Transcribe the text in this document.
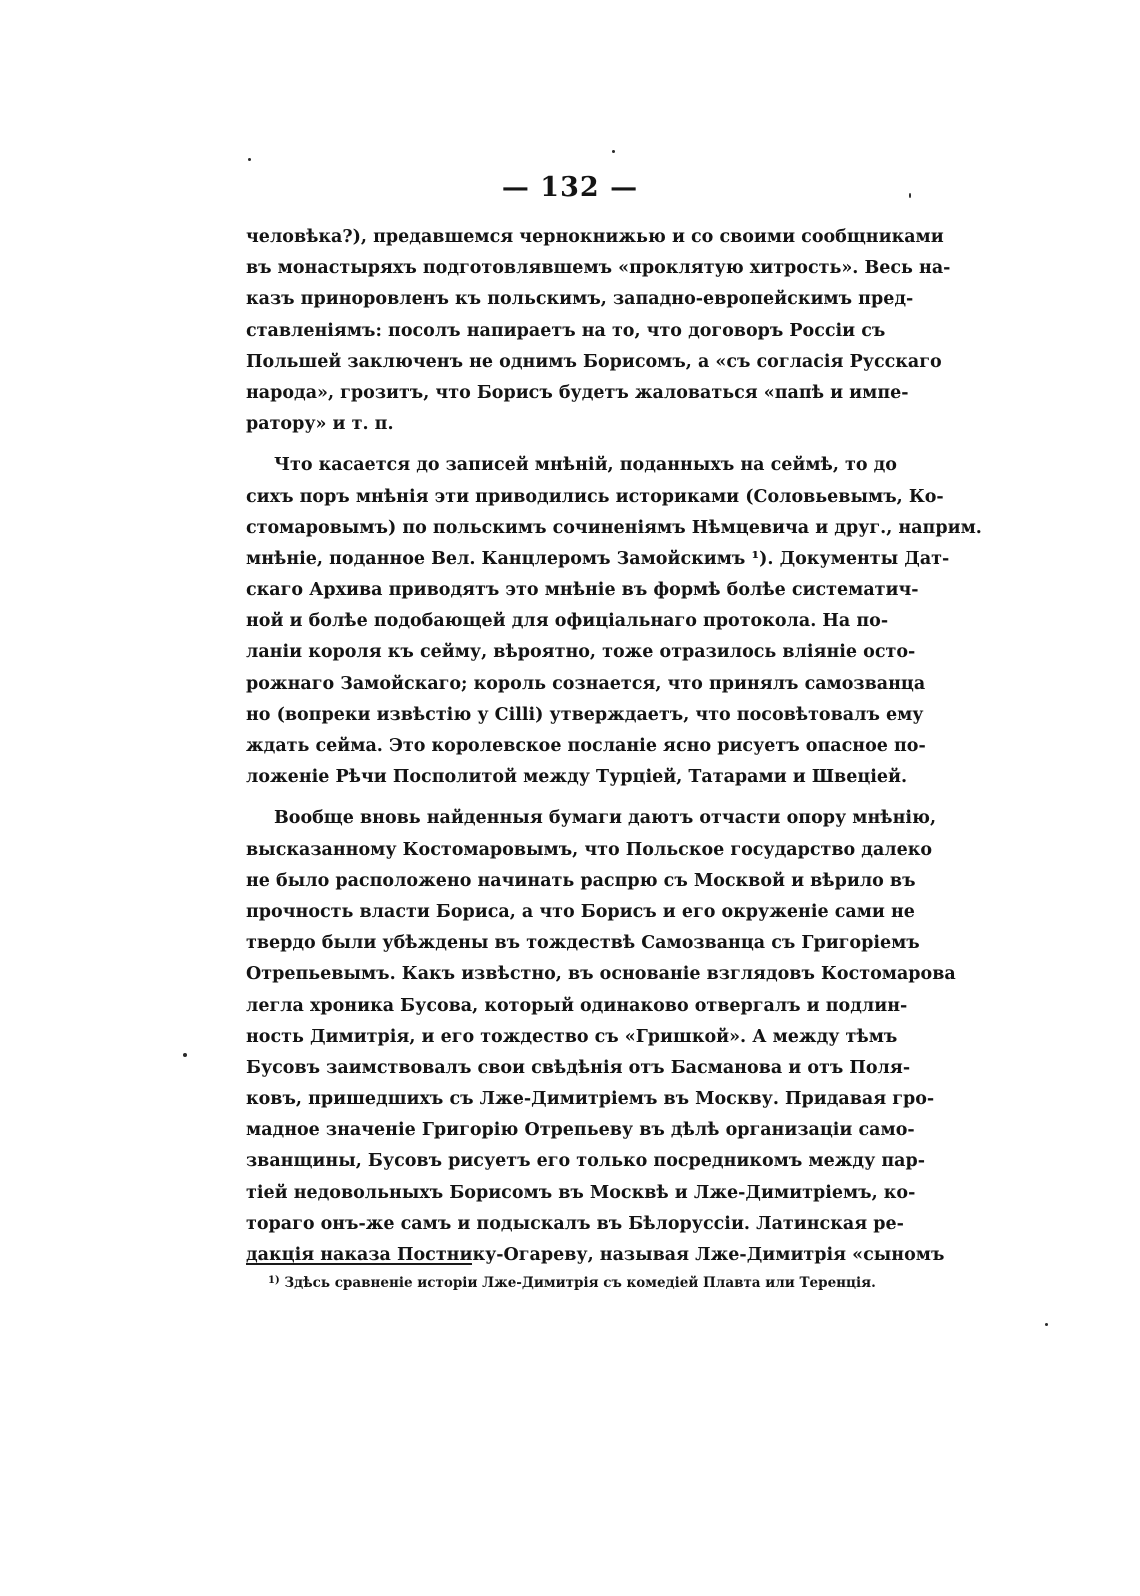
— 132 —
человѣка?), предавшемся чернокнижью и со своими сообщниками
въ монастыряхъ подготовлявшемъ «проклятую хитрость». Весь на-
казъ приноровленъ къ польскимъ, западно-европейскимъ пред-
ставленіямъ: посолъ напираетъ на то, что договоръ Россіи съ
Польшей заключенъ не однимъ Борисомъ, а «съ согласія Русскаго
народа», грозитъ, что Борисъ будетъ жаловаться «папѣ и импе-
ратору» и т. п.
Что касается до записей мнѣній, поданныхъ на сеймѣ, то до
сихъ поръ мнѣнія эти приводились историками (Соловьевымъ, Ко-
стомаровымъ) по польскимъ сочиненіямъ Нѣмцевича и друг., наприм.
мнѣніе, поданное Вел. Канцлеромъ Замойскимъ ¹). Документы Дат-
скаго Архива приводятъ это мнѣніе въ формѣ болѣе систематич-
ной и болѣе подобающей для офиціальнаго протокола. На по-
ланіи короля къ сейму, вѣроятно, тоже отразилось вліяніе осто-
рожнаго Замойскаго; король сознается, что принялъ самозванца
но (вопреки извѣстію у Cilli) утверждаетъ, что посовѣтовалъ ему
ждать сейма. Это королевское посланіе ясно рисуетъ опасное по-
ложеніе Рѣчи Посполитой между Турціей, Татарами и Швеціей.
Вообще вновь найденныя бумаги даютъ отчасти опору мнѣнію,
высказанному Костомаровымъ, что Польское государство далеко
не было расположено начинать распрю съ Москвой и вѣрило въ
прочность власти Бориса, а что Борисъ и его окруженіе сами не
твердо были убѣждены въ тождествѣ Самозванца съ Григоріемъ
Отрепьевымъ. Какъ извѣстно, въ основаніе взглядовъ Костомарова
легла хроника Бусова, который одинаково отвергалъ и подлин-
ность Димитрія, и его тождество съ «Гришкой». А между тѣмъ
Бусовъ заимствовалъ свои свѣдѣнія отъ Басманова и отъ Поля-
ковъ, пришедшихъ съ Лже-Димитріемъ въ Москву. Придавая гро-
мадное значеніе Григорію Отрепьеву въ дѣлѣ организаціи само-
званщины, Бусовъ рисуетъ его только посредникомъ между пар-
тіей недовольныхъ Борисомъ въ Москвѣ и Лже-Димитріемъ, ко-
тораго онъ-же самъ и подыскалъ въ Бѣлоруссіи. Латинская ре-
дакція наказа Постнику-Огареву, называя Лже-Димитрія «сыномъ
$^{1)}$ Здѣсь сравненіе исторіи Лже-Димитрія съ комедіей Плавта или Теренція.
